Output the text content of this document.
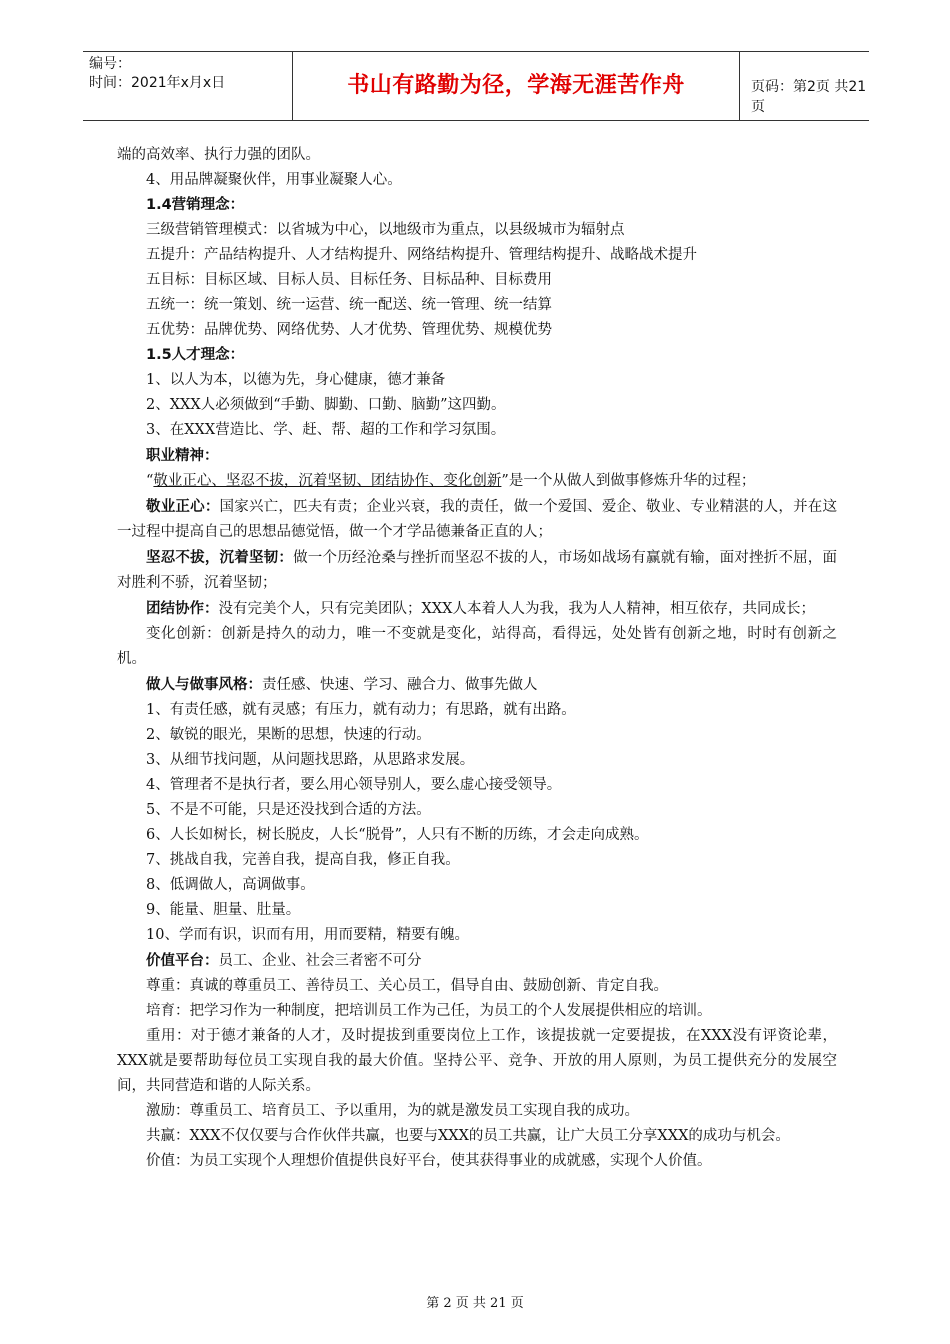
编号：
时间：2021年x月x日	书山有路勤为径，学海无涯苦作舟	页码：第2页 共21页

端的高效率、执行力强的团队。

4、用品牌凝聚伙伴，用事业凝聚人心。

1.4营销理念：

三级营销管理模式：以省城为中心，以地级市为重点，以县级城市为辐射点

五提升：产品结构提升、人才结构提升、网络结构提升、管理结构提升、战略战术提升

五目标：目标区域、目标人员、目标任务、目标品种、目标费用

五统一：统一策划、统一运营、统一配送、统一管理、统一结算

五优势：品牌优势、网络优势、人才优势、管理优势、规模优势

1.5人才理念：

1、以人为本，以德为先，身心健康，德才兼备

2、XXX人必须做到“手勤、脚勤、口勤、脑勤”这四勤。

3、在XXX营造比、学、赶、帮、超的工作和学习氛围。

职业精神：

“敬业正心、坚忍不拔，沉着坚韧、团结协作、变化创新”是一个从做人到做事修炼升华的过程；

敬业正心：国家兴亡，匹夫有责；企业兴衰，我的责任，做一个爱国、爱企、敬业、专业精湛的人，并在这一过程中提高自己的思想品德觉悟，做一个才学品德兼备正直的人；

坚忍不拔，沉着坚韧：做一个历经沧桑与挫折而坚忍不拔的人，市场如战场有赢就有输，面对挫折不屈，面对胜利不骄，沉着坚韧；

团结协作：没有完美个人，只有完美团队；XXX人本着人人为我，我为人人精神，相互依存，共同成长；

变化创新：创新是持久的动力，唯一不变就是变化，站得高，看得远，处处皆有创新之地，时时有创新之机。

做人与做事风格：责任感、快速、学习、融合力、做事先做人

1、有责任感，就有灵感；有压力，就有动力；有思路，就有出路。

2、敏锐的眼光，果断的思想，快速的行动。

3、从细节找问题，从问题找思路，从思路求发展。

4、管理者不是执行者，要么用心领导别人，要么虚心接受领导。

5、不是不可能，只是还没找到合适的方法。

6、人长如树长，树长脱皮，人长“脱骨”，人只有不断的历练，才会走向成熟。

7、挑战自我，完善自我，提高自我，修正自我。

8、低调做人，高调做事。

9、能量、胆量、肚量。

10、学而有识，识而有用，用而要精，精要有魄。

价值平台：员工、企业、社会三者密不可分

尊重：真诚的尊重员工、善待员工、关心员工，倡导自由、鼓励创新、肯定自我。

培育：把学习作为一种制度，把培训员工作为己任，为员工的个人发展提供相应的培训。

重用：对于德才兼备的人才，及时提拔到重要岗位上工作，该提拔就一定要提拔，在XXX没有评资论辈，XXX就是要帮助每位员工实现自我的最大价值。坚持公平、竞争、开放的用人原则，为员工提供充分的发展空间，共同营造和谐的人际关系。

激励：尊重员工、培育员工、予以重用，为的就是激发员工实现自我的成功。

共赢：XXX不仅仅要与合作伙伴共赢，也要与XXX的员工共赢，让广大员工分享XXX的成功与机会。

价值：为员工实现个人理想价值提供良好平台，使其获得事业的成就感，实现个人价值。

第 2 页 共 21 页
